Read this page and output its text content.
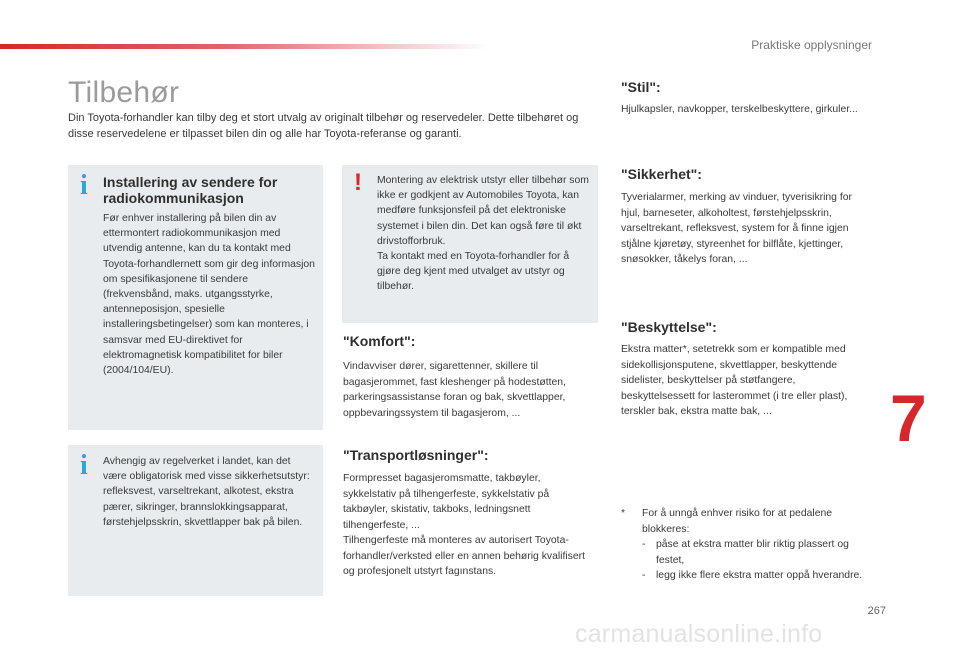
Praktiske opplysninger
Tilbehør

Din Toyota-forhandler kan tilby deg et stort utvalg av originalt tilbehør og reservedeler. Dette tilbehøret og disse reservedelene er tilpasset bilen din og alle har Toyota-referanse og garanti.

i Installering av sendere for radiokommunikasjon

Før enhver installering på bilen din av ettermontert radiokommunikasjon med utvendig antenne, kan du ta kontakt med Toyota-forhandlernett som gir deg informasjon om spesifikasjonene til sendere (frekvensbånd, maks. utgangsstyrke, antenneposisjon, spesielle installeringsbetingelser) som kan monteres, i samsvar med EU-direktivet for elektromagnetisk kompatibilitet for biler (2004/104/EU).

! Montering av elektrisk utstyr eller tilbehør som ikke er godkjent av Automobiles Toyota, kan medføre funksjonsfeil på det elektroniske systemet i bilen din. Det kan også føre til økt drivstofforbruk.
Ta kontakt med en Toyota-forhandler for å gjøre deg kjent med utvalget av utstyr og tilbehør.

i Avhengig av regelverket i landet, kan det være obligatorisk med visse sikkerhetsutstyr: refleksvest, varseltrekant, alkotest, ekstra pærer, sikringer, brannslokkingsapparat, førstehjelpsskrin, skvettlapper bak på bilen.

"Komfort":

Vindavviser dører, sigarettenner, skillere til bagasjerommet, fast kleshenger på hodestøtten, parkeringsassistanse foran og bak, skvettlapper, oppbevaringssystem til bagasjerom, ...

"Transportløsninger":

Formpresset bagasjeromsmatte, takbøyler, sykkelstativ på tilhengerfeste, sykkelstativ på takbøyler, skistativ, takboks, ledningsnett tilhengerfeste, ...
Tilhengerfeste må monteres av autorisert Toyota-forhandler/verksted eller en annen behørig kvalifisert og profesjonelt utstyrt fagınstans.

"Stil":

Hjulkapsler, navkopper, terskelbeskyttere, girkuler...

"Sikkerhet":

Tyverialarmer, merking av vinduer, tyverisikring for hjul, barneseter, alkoholtest, førstehjelpsskrin, varseltrekant, refleksvest, system for å finne igjen stjålne kjøretøy, styreenhet for bilflåte, kjettinger, snøsokker, tåkelys foran, ...

"Beskyttelse":

Ekstra matter*, setetrekk som er kompatible med sidekollisjonsputene, skvettlapper, beskyttende sidelister, beskyttelser på støtfangere, beskyttelsessett for lasterommet (i tre eller plast), terskler bak, ekstra matte bak, ...

* For å unngå enhver risiko for at pedalene blokkeres:
- påse at ekstra matter blir riktig plassert og festet,
- legg ikke flere ekstra matter oppå hverandre.
7
267
carmanualsonline.info
